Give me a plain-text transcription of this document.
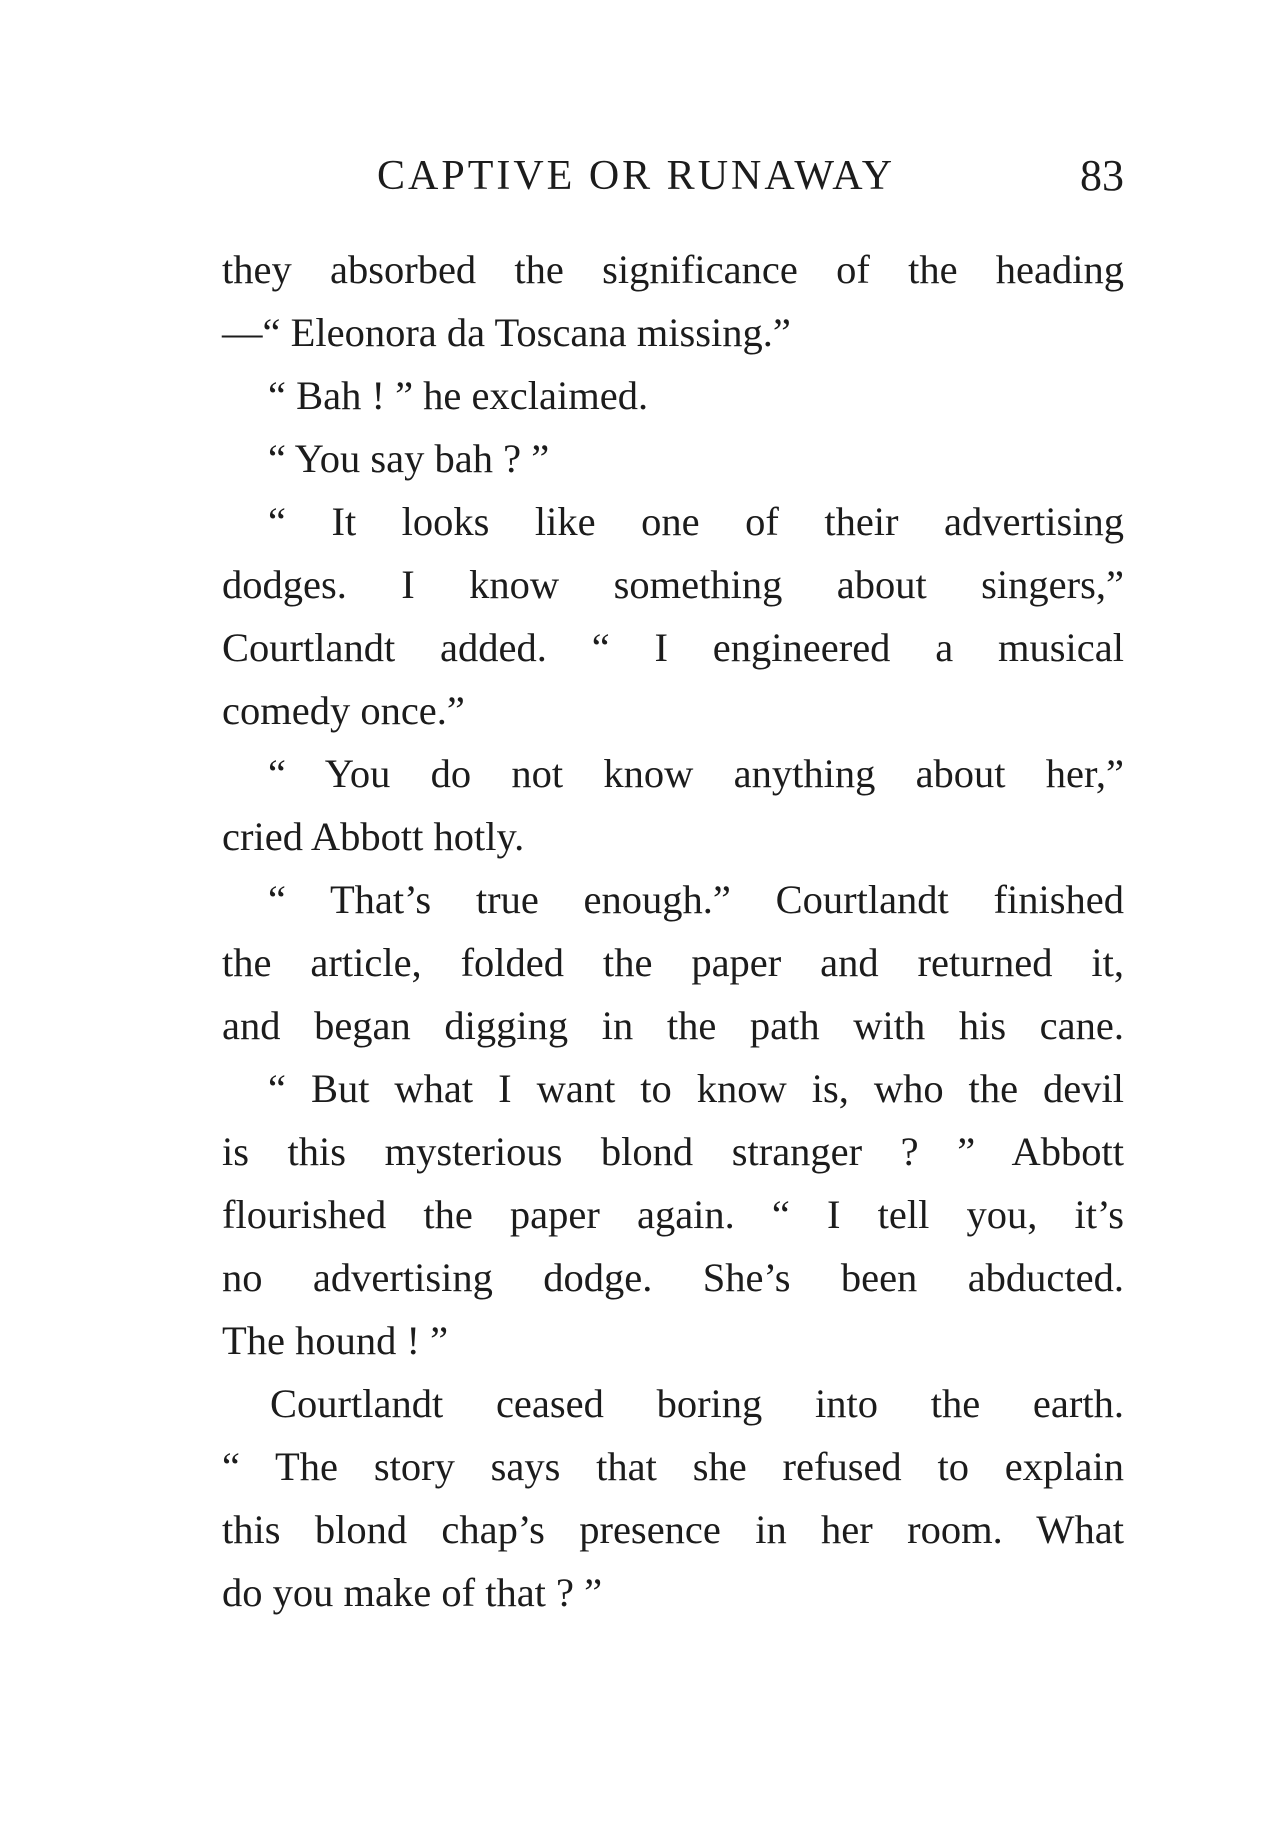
CAPTIVE OR RUNAWAY	83
they absorbed the significance of the heading
—“ Eleonora da Toscana missing.”
“ Bah ! ” he exclaimed.
“ You say bah ? ”
“ It looks like one of their advertising
dodges. I know something about singers,”
Courtlandt added. “ I engineered a musical
comedy once.”
“ You do not know anything about her,”
cried Abbott hotly.
“ That’s true enough.” Courtlandt finished
the article, folded the paper and returned it,
and began digging in the path with his cane.
“ But what I want to know is, who the devil
is this mysterious blond stranger ? ” Abbott
flourished the paper again. “ I tell you, it’s
no advertising dodge. She’s been abducted.
The hound ! ”
Courtlandt ceased boring into the earth.
“ The story says that she refused to explain
this blond chap’s presence in her room. What
do you make of that ? ”
